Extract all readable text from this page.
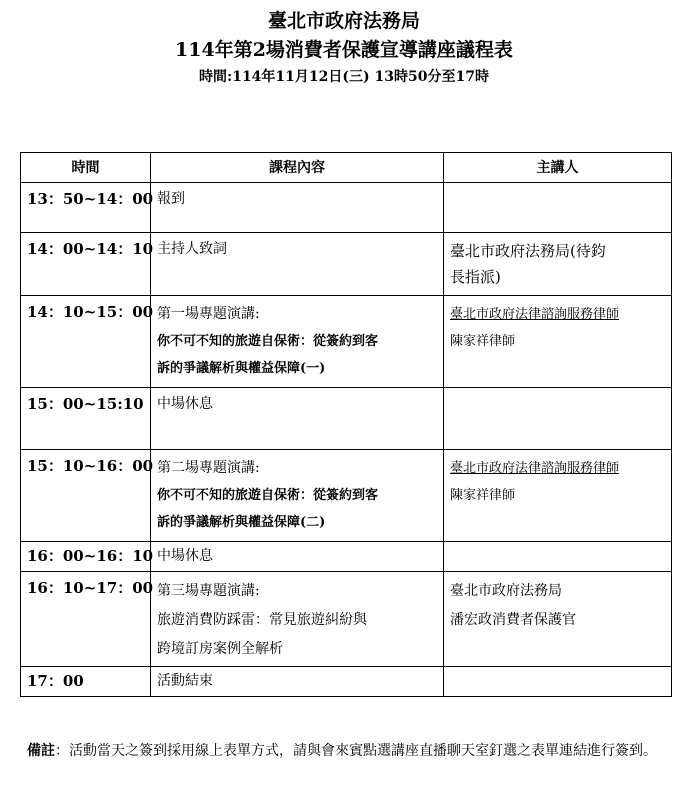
臺北市政府法務局
114年第2場消費者保護宣導講座議程表
時間:114年11月12日(三) 13時50分至17時
時間	課程內容	主講人
13：50~14：00	報到	

14：00~14：10	主持人致詞	臺北市政府法務局(待鈞
長指派)

14：10~15：00	第一場專題演講:
你不可不知的旅遊自保術：從簽約到客
訴的爭議解析與權益保障(一)	臺北市政府法律諮詢服務律師
陳家祥律師

15：00~15:10	中場休息	

15：10~16：00	第二場專題演講:
你不可不知的旅遊自保術：從簽約到客
訴的爭議解析與權益保障(二)	臺北市政府法律諮詢服務律師
陳家祥律師

16：00~16：10	中場休息	

16：10~17：00	第三場專題演講:
旅遊消費防踩雷：常見旅遊糾紛與
跨境訂房案例全解析	臺北市政府法務局
潘宏政消費者保護官

17：00	活動結束	

備註：活動當天之簽到採用線上表單方式，請與會來賓點選講座直播聊天室釘選之表單連結進行簽到。
